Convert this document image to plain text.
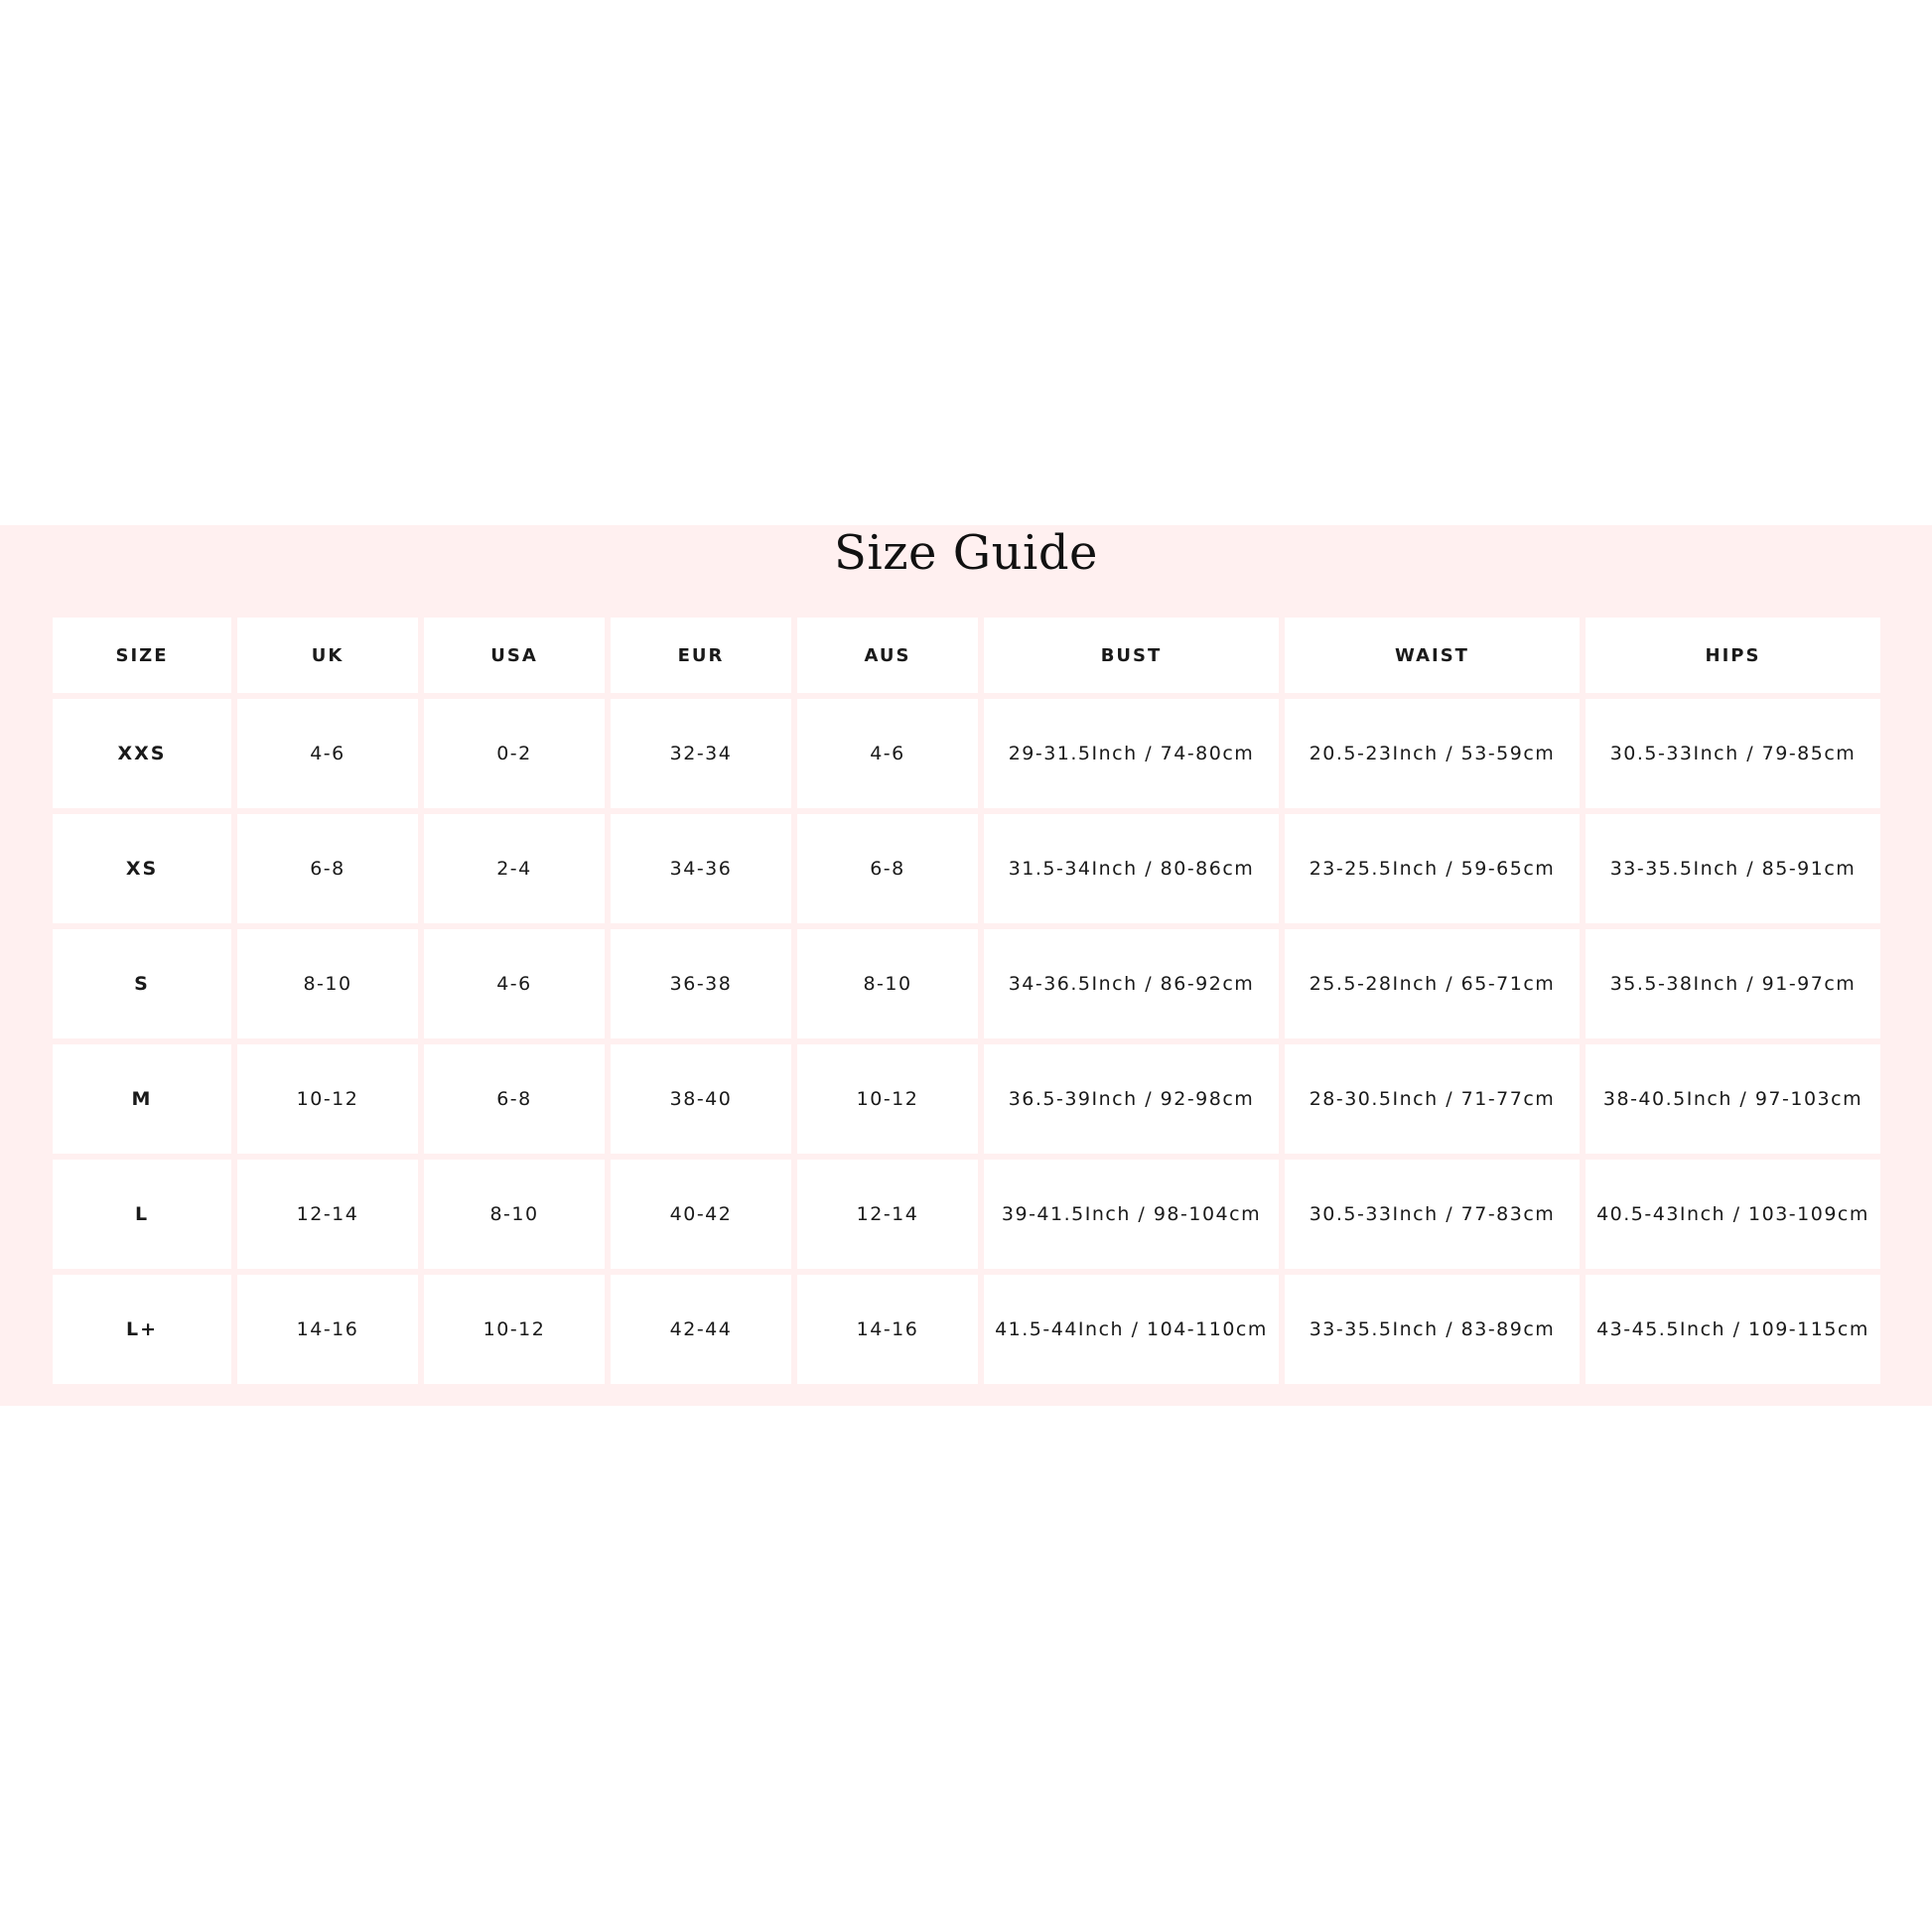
Size Guide
SIZE	UK	USA	EUR	AUS	BUST	WAIST	HIPS
XXS	4-6	0-2	32-34	4-6	29-31.5Inch / 74-80cm	20.5-23Inch / 53-59cm	30.5-33Inch / 79-85cm
XS	6-8	2-4	34-36	6-8	31.5-34Inch / 80-86cm	23-25.5Inch / 59-65cm	33-35.5Inch / 85-91cm
S	8-10	4-6	36-38	8-10	34-36.5Inch / 86-92cm	25.5-28Inch / 65-71cm	35.5-38Inch / 91-97cm
M	10-12	6-8	38-40	10-12	36.5-39Inch / 92-98cm	28-30.5Inch / 71-77cm	38-40.5Inch / 97-103cm
L	12-14	8-10	40-42	12-14	39-41.5Inch / 98-104cm	30.5-33Inch / 77-83cm	40.5-43Inch / 103-109cm
L+	14-16	10-12	42-44	14-16	41.5-44Inch / 104-110cm	33-35.5Inch / 83-89cm	43-45.5Inch / 109-115cm
